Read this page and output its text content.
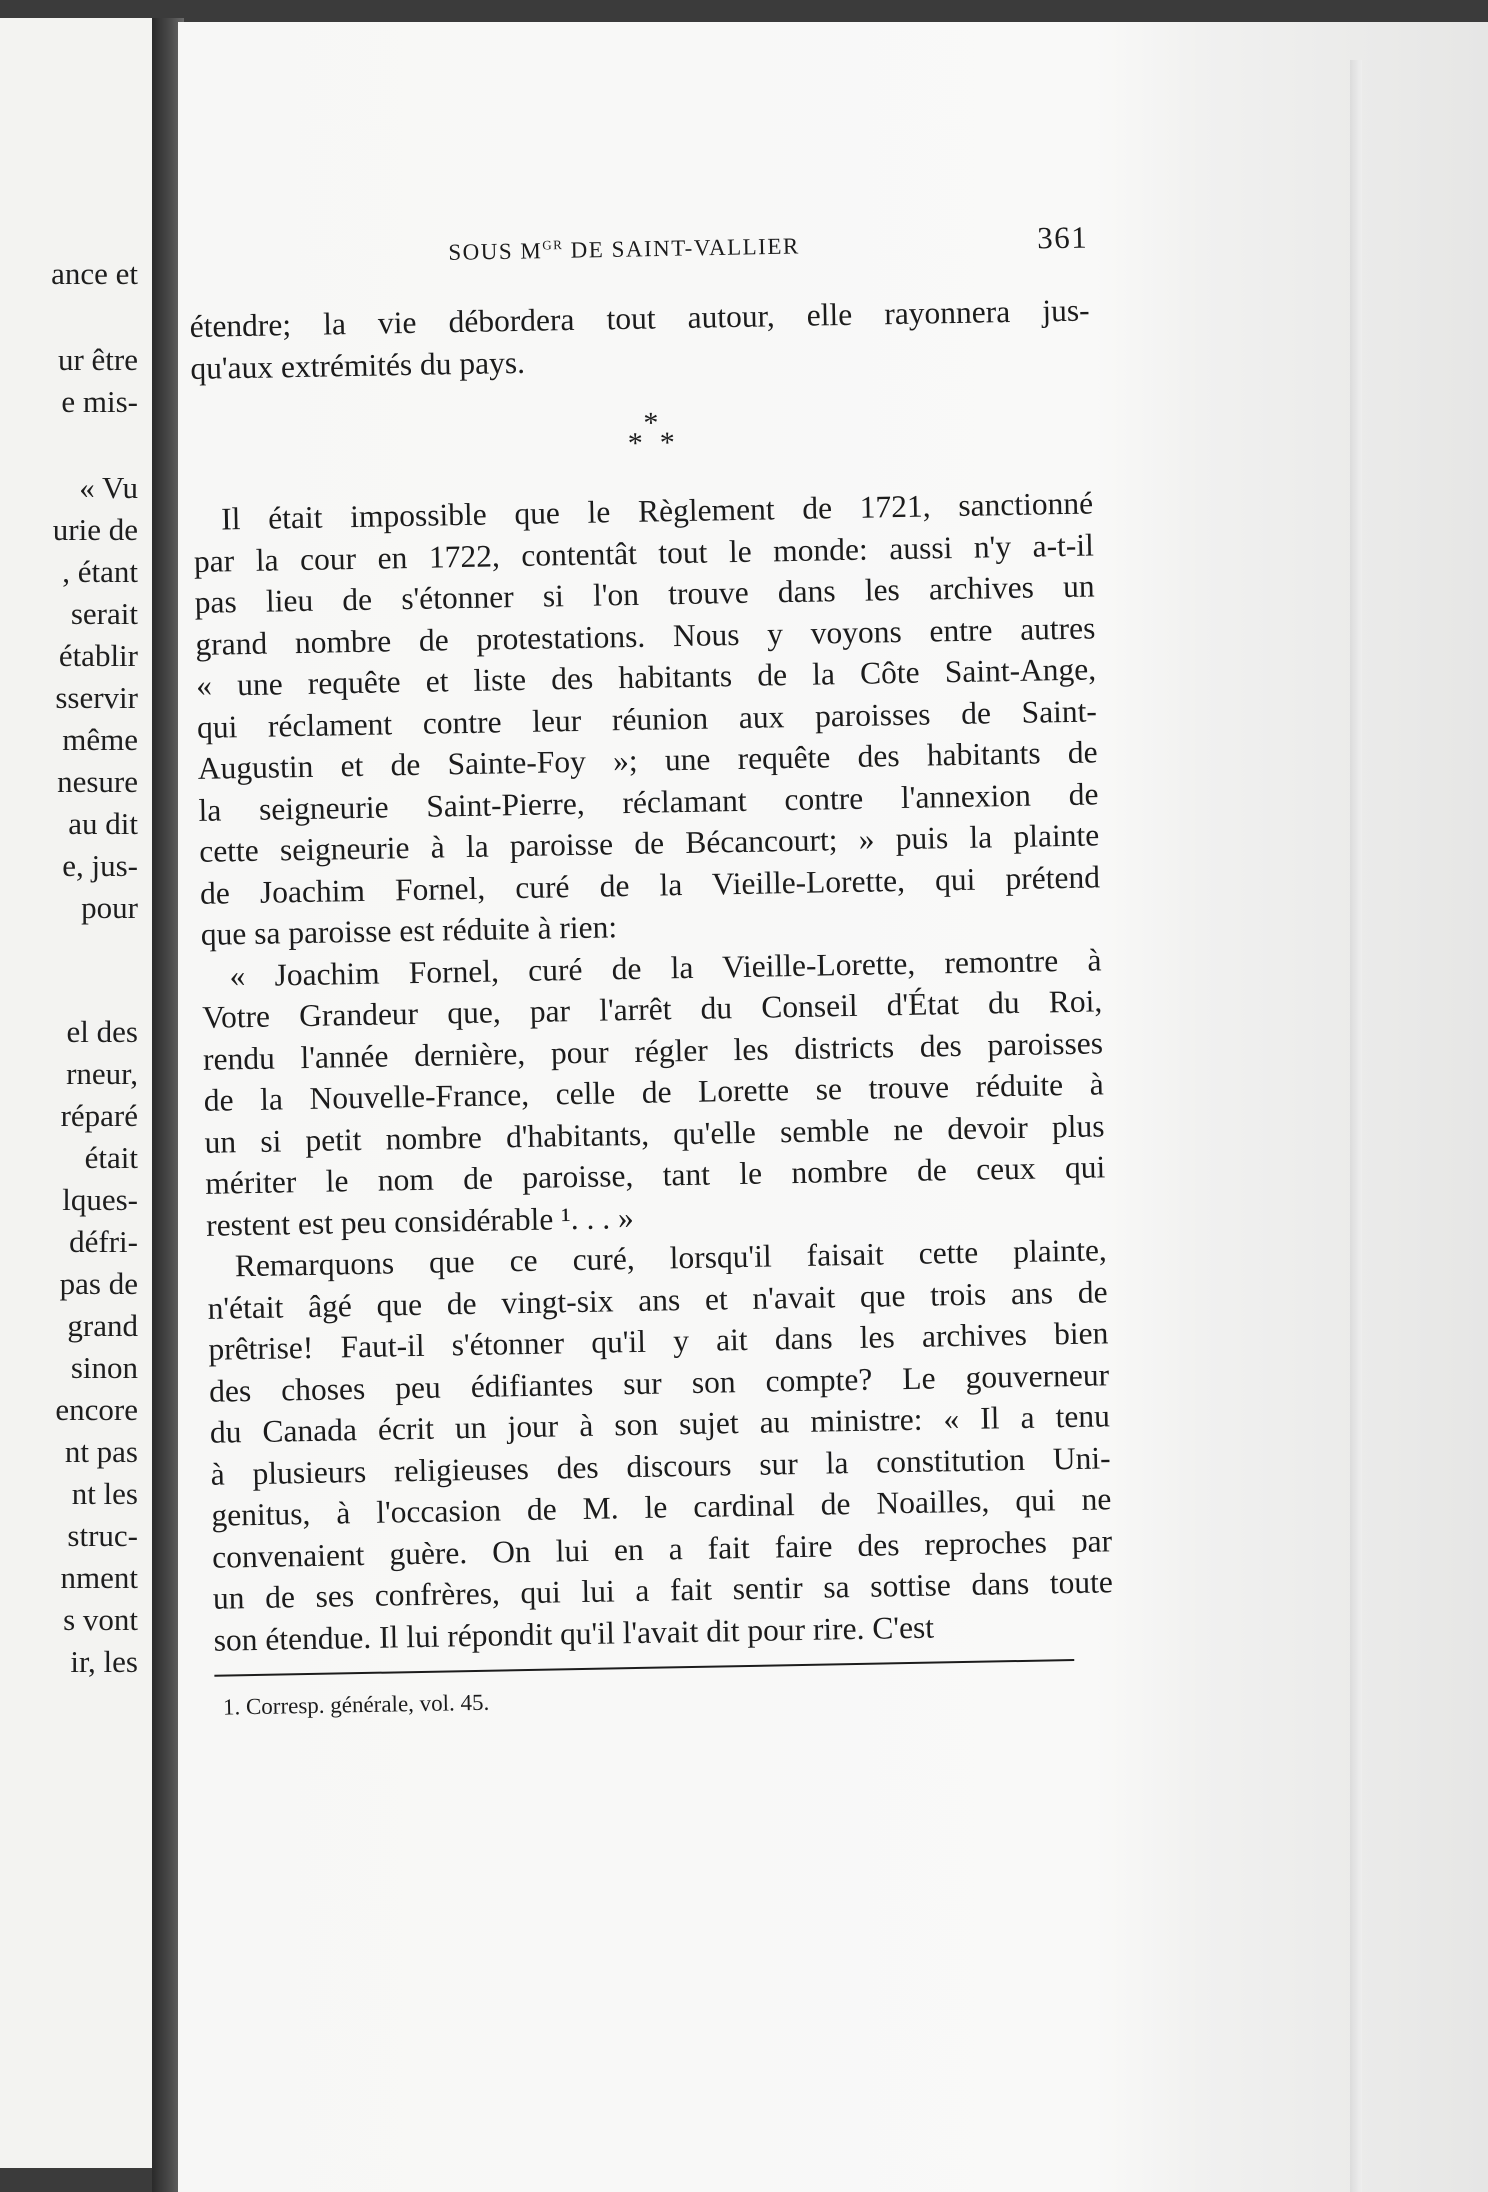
ance et
ur être
e mis-
« Vu
urie de
, étant
serait
établir
sservir
même
nesure
au dit
e, jus-
pour
el des
rneur,
réparé
était
lques-
défri-
pas de
grand
sinon
encore
nt pas
nt les
struc-
nment
s vont
ir, les
SOUS $M^{GR}$ DE SAINT-VALLIER	361
étendre; la vie débordera tout autour, elle rayonnera jus-
qu'aux extrémités du pays.
*
* *
Il était impossible que le Règlement de 1721, sanctionné
par la cour en 1722, contentât tout le monde: aussi n'y a-t-il
pas lieu de s'étonner si l'on trouve dans les archives un
grand nombre de protestations. Nous y voyons entre autres
« une requête et liste des habitants de la Côte Saint-Ange,
qui réclament contre leur réunion aux paroisses de Saint-
Augustin et de Sainte-Foy »; une requête des habitants de
la seigneurie Saint-Pierre, réclamant contre l'annexion de
cette seigneurie à la paroisse de Bécancourt; » puis la plainte
de Joachim Fornel, curé de la Vieille-Lorette, qui prétend
que sa paroisse est réduite à rien:
« Joachim Fornel, curé de la Vieille-Lorette, remontre à
Votre Grandeur que, par l'arrêt du Conseil d'État du Roi,
rendu l'année dernière, pour régler les districts des paroisses
de la Nouvelle-France, celle de Lorette se trouve réduite à
un si petit nombre d'habitants, qu'elle semble ne devoir plus
mériter le nom de paroisse, tant le nombre de ceux qui
restent est peu considérable ¹. . . »
Remarquons que ce curé, lorsqu'il faisait cette plainte,
n'était âgé que de vingt-six ans et n'avait que trois ans de
prêtrise! Faut-il s'étonner qu'il y ait dans les archives bien
des choses peu édifiantes sur son compte? Le gouverneur
du Canada écrit un jour à son sujet au ministre: « Il a tenu
à plusieurs religieuses des discours sur la constitution Uni-
genitus, à l'occasion de M. le cardinal de Noailles, qui ne
convenaient guère. On lui en a fait faire des reproches par
un de ses confrères, qui lui a fait sentir sa sottise dans toute
son étendue. Il lui répondit qu'il l'avait dit pour rire. C'est
1. Corresp. générale, vol. 45.
